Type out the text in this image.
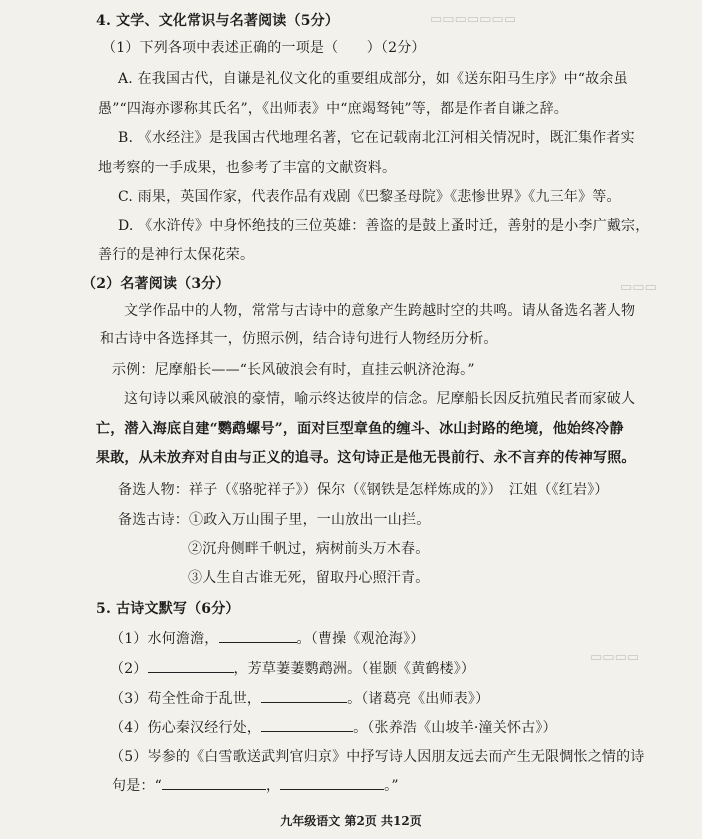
▭▭▭▭▭▭▭
▭▭▭
▭▭▭▭
4. 文学、文化常识与名著阅读（5分）
（1）下列各项中表述正确的一项是（　　）（2分）
A. 在我国古代，自谦是礼仪文化的重要组成部分，如《送东阳马生序》中“故余虽
愚”“四海亦谬称其氏名”，《出师表》中“庶竭驽钝”等，都是作者自谦之辞。
B. 《水经注》是我国古代地理名著，它在记载南北江河相关情况时，既汇集作者实
地考察的一手成果，也参考了丰富的文献资料。
C. 雨果，英国作家，代表作品有戏剧《巴黎圣母院》《悲惨世界》《九三年》等。
D. 《水浒传》中身怀绝技的三位英雄：善盗的是鼓上蚤时迁，善射的是小李广戴宗，
善行的是神行太保花荣。
（2）名著阅读（3分）
文学作品中的人物，常常与古诗中的意象产生跨越时空的共鸣。请从备选名著人物
和古诗中各选择其一，仿照示例，结合诗句进行人物经历分析。
示例：尼摩船长——“长风破浪会有时，直挂云帆济沧海。”
这句诗以乘风破浪的豪情，喻示终达彼岸的信念。尼摩船长因反抗殖民者而家破人
亡，潜入海底自建“鹦鹉螺号”，面对巨型章鱼的缠斗、冰山封路的绝境，他始终冷静
果敢，从未放弃对自由与正义的追寻。这句诗正是他无畏前行、永不言弃的传神写照。
备选人物：祥子（《骆驼祥子》）保尔（《钢铁是怎样炼成的》）　江姐（《红岩》）
备选古诗：①政入万山围子里，一山放出一山拦。
②沉舟侧畔千帆过，病树前头万木春。
③人生自古谁无死，留取丹心照汗青。
5. 古诗文默写（6分）
（1）水何澹澹，	。（曹操《观沧海》）
（2）	，芳草萋萋鹦鹉洲。（崔颢《黄鹤楼》）
（3）苟全性命于乱世，	。（诸葛亮《出师表》）
（4）伤心秦汉经行处，	。（张养浩《山坡羊·潼关怀古》）
（5）岑参的《白雪歌送武判官归京》中抒写诗人因朋友远去而产生无限惆怅之情的诗
句是：“	，	。”
九年级语文 第2页 共12页
